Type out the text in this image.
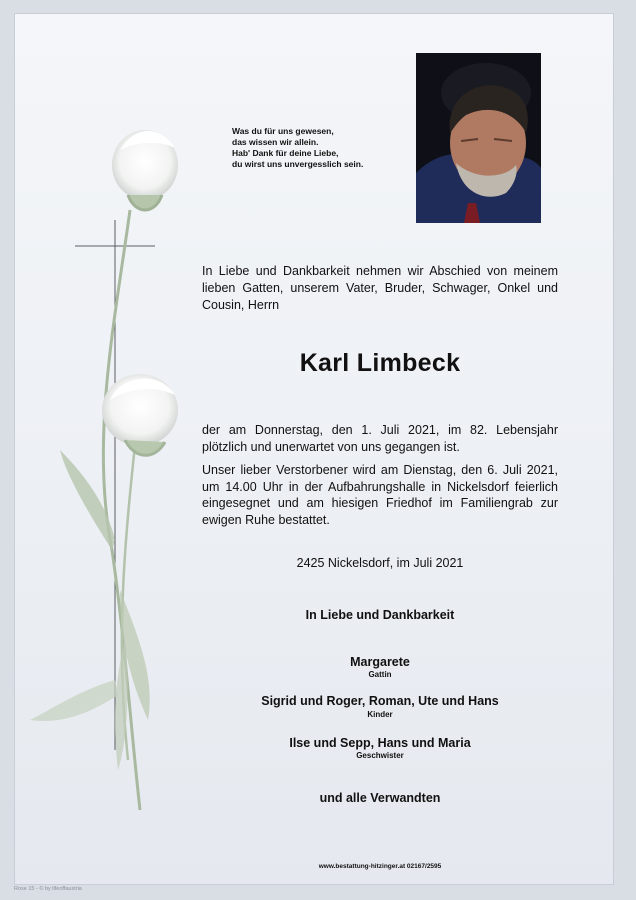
Was du für uns gewesen,
das wissen wir allein.
Hab' Dank für deine Liebe,
du wirst uns unvergesslich sein.
In Liebe und Dankbarkeit nehmen wir Abschied von meinem lieben Gatten, unserem Vater, Bruder, Schwager, Onkel und Cousin, Herrn
Karl Limbeck
der am Donnerstag, den 1. Juli 2021, im 82. Lebensjahr plötzlich und unerwartet von uns gegangen ist.
Unser lieber Verstorbener wird am Dienstag, den 6. Juli 2021, um 14.00 Uhr in der Aufbahrungshalle in Nickelsdorf feierlich eingesegnet und am hiesigen Friedhof im Familiengrab zur ewigen Ruhe bestattet.
2425 Nickelsdorf, im Juli 2021
In Liebe und Dankbarkeit
Margarete
Gattin
Sigrid und Roger, Roman, Ute und Hans
Kinder
Ilse und Sepp, Hans und Maria
Geschwister
und alle Verwandten
www.bestattung-hitzinger.at 02167/2595
Rose 15 - © by lifeoffaustria
